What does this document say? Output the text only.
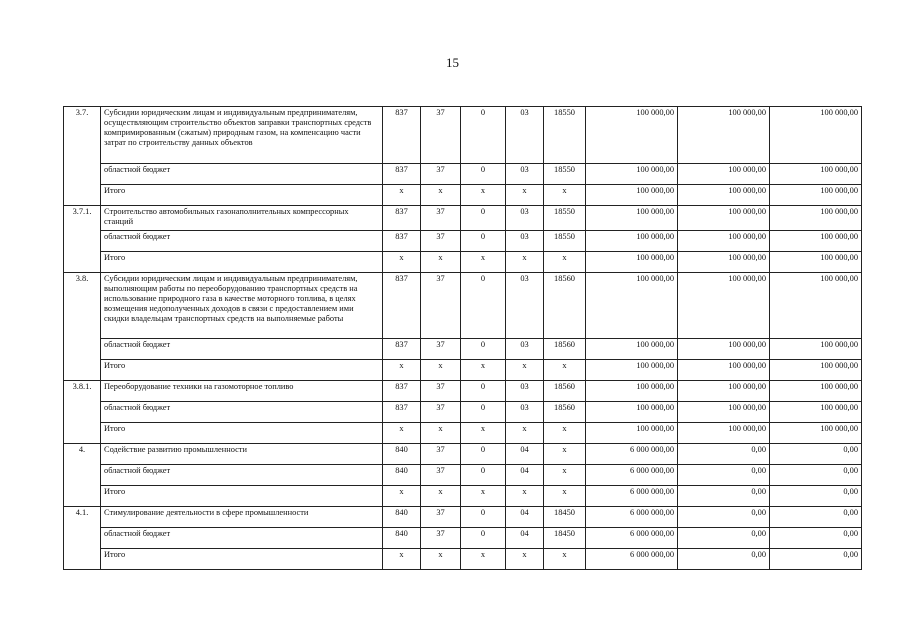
15
3.7.	Субсидии юридическим лицам и индивидуальным предпринимателям, осуществляющим строительство объектов заправки транспортных средств компримированным (сжатым) природным газом, на компенсацию части затрат по строительству данных объектов	837	37	0	03	18550	100 000,00	100 000,00	100 000,00
	областной бюджет	837	37	0	03	18550	100 000,00	100 000,00	100 000,00
	Итого	х	х	х	х	х	100 000,00	100 000,00	100 000,00
3.7.1.	Строительство автомобильных газонаполнительных компрессорных станций	837	37	0	03	18550	100 000,00	100 000,00	100 000,00
	областной бюджет	837	37	0	03	18550	100 000,00	100 000,00	100 000,00
	Итого	х	х	х	х	х	100 000,00	100 000,00	100 000,00
3.8.	Субсидии юридическим лицам и индивидуальным предпринимателям, выполняющим работы по переоборудованию транспортных средств на использование природного газа в качестве моторного топлива, в целях возмещения недополученных доходов в связи с предоставлением ими скидки владельцам транспортных средств на выполняемые работы	837	37	0	03	18560	100 000,00	100 000,00	100 000,00
	областной бюджет	837	37	0	03	18560	100 000,00	100 000,00	100 000,00
	Итого	х	х	х	х	х	100 000,00	100 000,00	100 000,00
3.8.1.	Переоборудование техники на газомоторное топливо	837	37	0	03	18560	100 000,00	100 000,00	100 000,00
	областной бюджет	837	37	0	03	18560	100 000,00	100 000,00	100 000,00
	Итого	х	х	х	х	х	100 000,00	100 000,00	100 000,00
4.	Содействие развитию промышленности	840	37	0	04	х	6 000 000,00	0,00	0,00
	областной бюджет	840	37	0	04	х	6 000 000,00	0,00	0,00
	Итого	х	х	х	х	х	6 000 000,00	0,00	0,00
4.1.	Стимулирование деятельности в сфере промышленности	840	37	0	04	18450	6 000 000,00	0,00	0,00
	областной бюджет	840	37	0	04	18450	6 000 000,00	0,00	0,00
	Итого	х	х	х	х	х	6 000 000,00	0,00	0,00
